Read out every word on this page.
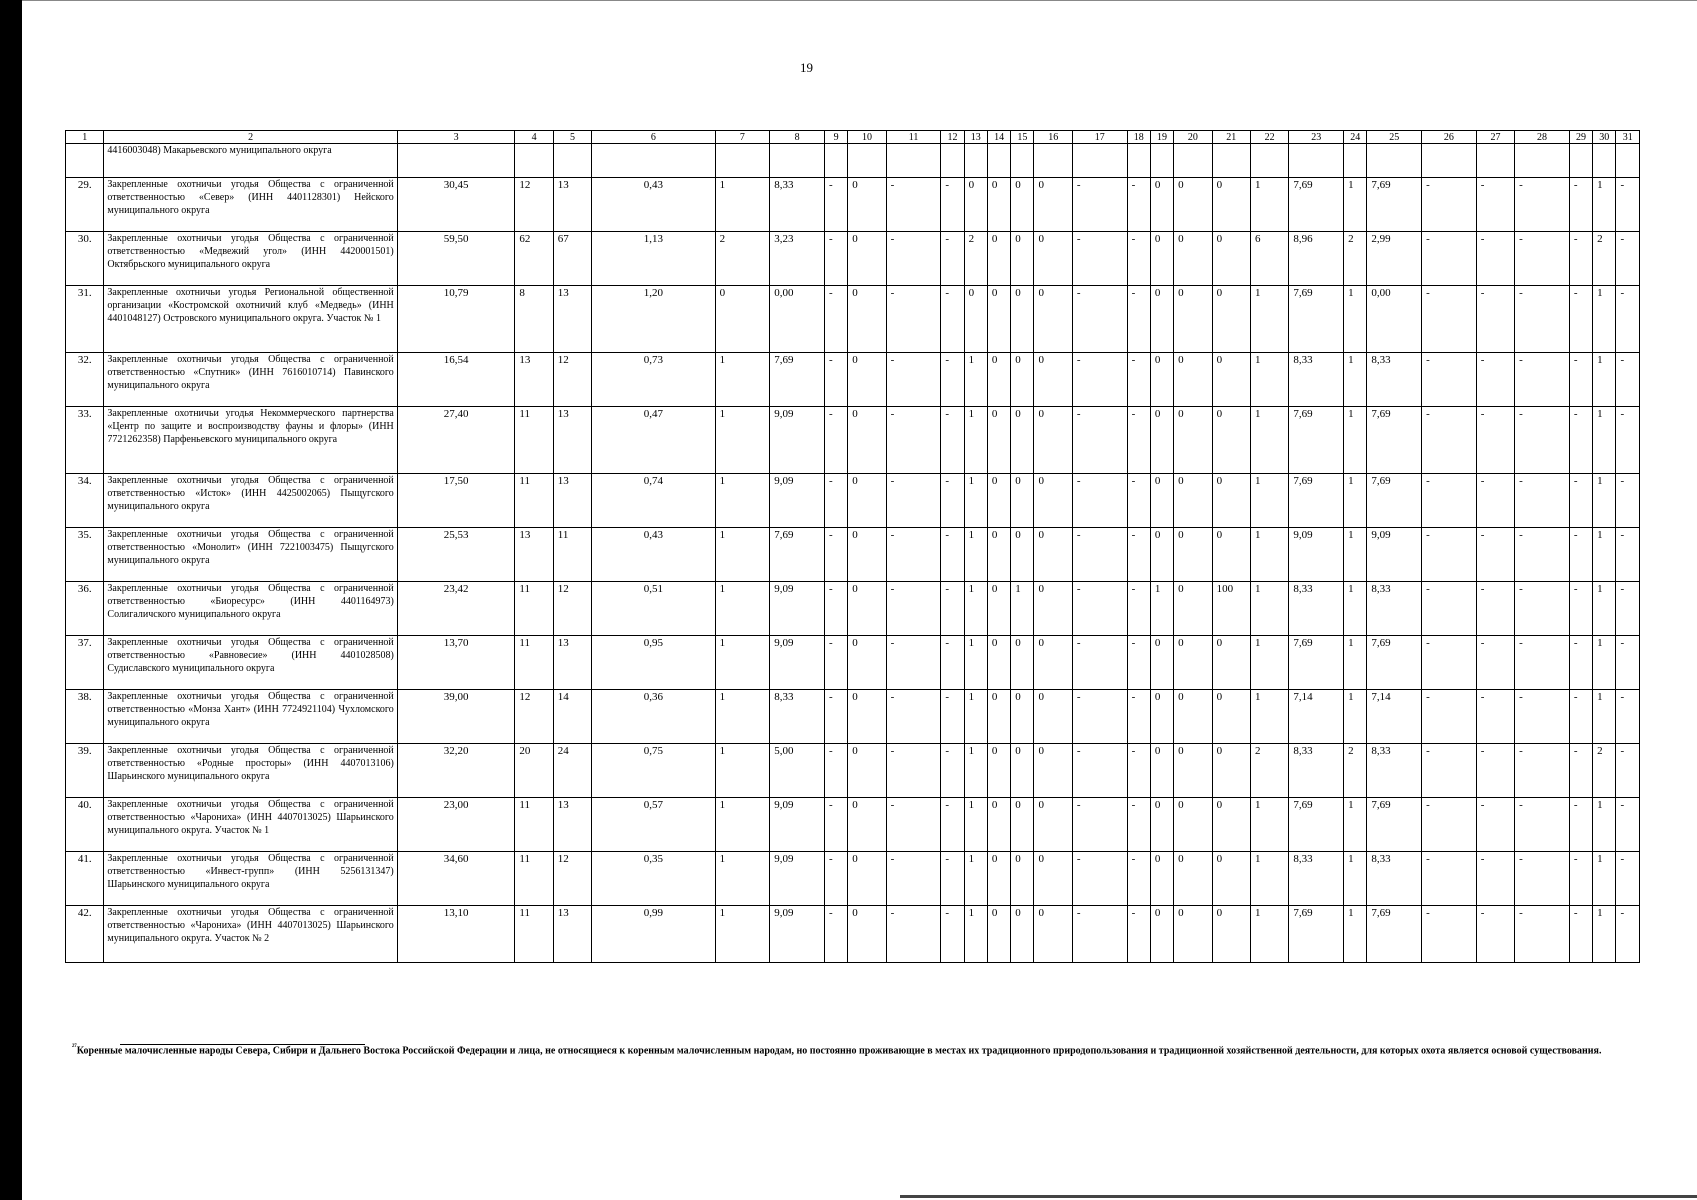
19
1	2	3	4	5	6	7	8	9	10	11	12	13	14	15	16	17	18	19	20	21	22	23	24	25	26	27	28	29	30	31
	4416003048) Макарьевского муниципального округа																													
29.	Закрепленные охотничьи угодья Общества с ограниченной ответственностью «Север» (ИНН 4401128301) Нейского муниципального округа	30,45	12	13	0,43	1	8,33	-	0	-	-	0	0	0	0	-	-	0	0	0	1	7,69	1	7,69	-	-	-	-	1	-
30.	Закрепленные охотничьи угодья Общества с ограниченной ответственностью «Медвежий угол» (ИНН 4420001501) Октябрьского муниципального округа	59,50	62	67	1,13	2	3,23	-	0	-	-	2	0	0	0	-	-	0	0	0	6	8,96	2	2,99	-	-	-	-	2	-
31.	Закрепленные охотничьи угодья Региональной общественной организации «Костромской охотничий клуб «Медведь» (ИНН 4401048127) Островского муниципального округа. Участок № 1	10,79	8	13	1,20	0	0,00	-	0	-	-	0	0	0	0	-	-	0	0	0	1	7,69	1	0,00	-	-	-	-	1	-
32.	Закрепленные охотничьи угодья Общества с ограниченной ответственностью «Спутник» (ИНН 7616010714) Павинского муниципального округа	16,54	13	12	0,73	1	7,69	-	0	-	-	1	0	0	0	-	-	0	0	0	1	8,33	1	8,33	-	-	-	-	1	-
33.	Закрепленные охотничьи угодья Некоммерческого партнерства «Центр по защите и воспроизводству фауны и флоры» (ИНН 7721262358) Парфеньевского муниципального округа	27,40	11	13	0,47	1	9,09	-	0	-	-	1	0	0	0	-	-	0	0	0	1	7,69	1	7,69	-	-	-	-	1	-
34.	Закрепленные охотничьи угодья Общества с ограниченной ответственностью «Исток» (ИНН 4425002065) Пыщугского муниципального округа	17,50	11	13	0,74	1	9,09	-	0	-	-	1	0	0	0	-	-	0	0	0	1	7,69	1	7,69	-	-	-	-	1	-
35.	Закрепленные охотничьи угодья Общества с ограниченной ответственностью «Монолит» (ИНН 7221003475) Пыщугского муниципального округа	25,53	13	11	0,43	1	7,69	-	0	-	-	1	0	0	0	-	-	0	0	0	1	9,09	1	9,09	-	-	-	-	1	-
36.	Закрепленные охотничьи угодья Общества с ограниченной ответственностью «Биоресурс» (ИНН 4401164973) Солигаличского муниципального округа	23,42	11	12	0,51	1	9,09	-	0	-	-	1	0	1	0	-	-	1	0	100	1	8,33	1	8,33	-	-	-	-	1	-
37.	Закрепленные охотничьи угодья Общества с ограниченной ответственностью «Равновесие» (ИНН 4401028508) Судиславского муниципального округа	13,70	11	13	0,95	1	9,09	-	0	-	-	1	0	0	0	-	-	0	0	0	1	7,69	1	7,69	-	-	-	-	1	-
38.	Закрепленные охотничьи угодья Общества с ограниченной ответственностью «Монза Хант» (ИНН 7724921104) Чухломского муниципального округа	39,00	12	14	0,36	1	8,33	-	0	-	-	1	0	0	0	-	-	0	0	0	1	7,14	1	7,14	-	-	-	-	1	-
39.	Закрепленные охотничьи угодья Общества с ограниченной ответственностью «Родные просторы» (ИНН 4407013106) Шарьинского муниципального округа	32,20	20	24	0,75	1	5,00	-	0	-	-	1	0	0	0	-	-	0	0	0	2	8,33	2	8,33	-	-	-	-	2	-
40.	Закрепленные охотничьи угодья Общества с ограниченной ответственностью «Чарониха» (ИНН 4407013025) Шарьинского муниципального округа. Участок № 1	23,00	11	13	0,57	1	9,09	-	0	-	-	1	0	0	0	-	-	0	0	0	1	7,69	1	7,69	-	-	-	-	1	-
41.	Закрепленные охотничьи угодья Общества с ограниченной ответственностью «Инвест-групп» (ИНН 5256131347) Шарьинского муниципального округа	34,60	11	12	0,35	1	9,09	-	0	-	-	1	0	0	0	-	-	0	0	0	1	8,33	1	8,33	-	-	-	-	1	-
42.	Закрепленные охотничьи угодья Общества с ограниченной ответственностью «Чарониха» (ИНН 4407013025) Шарьинского муниципального округа. Участок № 2	13,10	11	13	0,99	1	9,09	-	0	-	-	1	0	0	0	-	-	0	0	0	1	7,69	1	7,69	-	-	-	-	1	-
$^{^{27}}$Коренные малочисленные народы Севера, Сибири и Дальнего Востока Российской Федерации и лица, не относящиеся к коренным малочисленным народам, но постоянно проживающие в местах их традиционного природопользования и традиционной хозяйственной деятельности, для которых охота является основой существования.
